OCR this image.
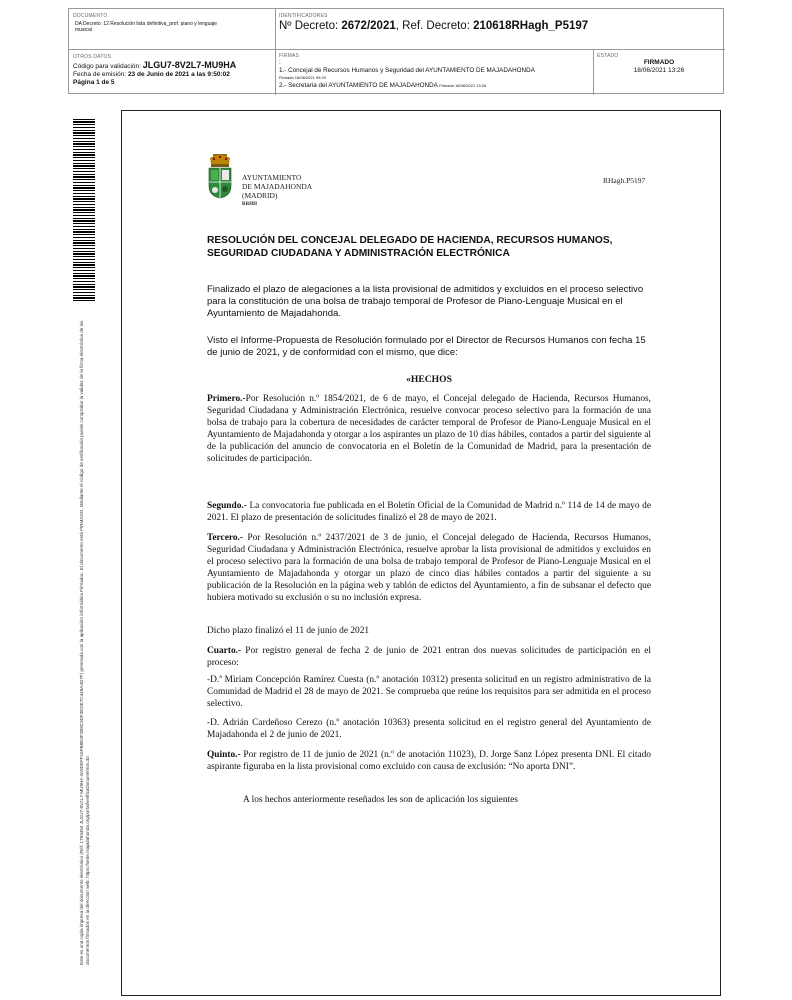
DOCUMENTO
DA Decreto: 12 Resolución lista definitiva_prof. piano y lenguaje musical
IDENTIFICADORES
Nº Decreto: 2672/2021, Ref. Decreto: 210618RHagh_P5197
OTROS DATOS
Código para validación: JLGU7-8V2L7-MU9HA
Fecha de emisión: 23 de Junio de 2021 a las 9:50:02
Página 1 de 5
FIRMAS
:
1.- Concejal de Recursos Humanos y Seguridad del AYUNTAMIENTO DE MAJADAHONDA
Firmado 18/06/2021 09:20
2.- Secretaria del AYUNTAMIENTO DE MAJADAHONDA Firmado 18/06/2021 13:26
ESTADO
FIRMADO
18/06/2021 13:26
Este es una copia impresa del documento electrónico (Ref: 1793454 JLGU7-8V2L7-MU9HA 4A8DEFF15FB8E3F2B9C3DF4EDE7C449A4D7F) generada con la aplicación informática Firmadoc. El documento está FIRMADO. Mediante el código de verificación puede comprobar la validez de la firma electrónica de los documentos firmados en la dirección web: https://sede.majadahonda.org/portal/verificaDocumentos.do
AYUNTAMIENTO
DE MAJADAHONDA
(MADRID)
RRHH
RHagh.P5197
RESOLUCIÓN DEL CONCEJAL DELEGADO DE HACIENDA, RECURSOS HUMANOS, SEGURIDAD CIUDADANA Y ADMINISTRACIÓN ELECTRÓNICA
Finalizado el plazo de alegaciones a la lista provisional de admitidos y excluidos en el proceso selectivo para la constitución de una bolsa de trabajo temporal de Profesor de Piano-Lenguaje Musical en el Ayuntamiento de Majadahonda.
Visto el Informe-Propuesta de Resolución formulado por el Director de Recursos Humanos con fecha 15 de junio de 2021, y de conformidad con el mismo, que dice:
«HECHOS
Primero.-Por Resolución n.º 1854/2021, de 6 de mayo, el Concejal delegado de Hacienda, Recursos Humanos, Seguridad Ciudadana y Administración Electrónica, resuelve convocar proceso selectivo para la formación de una bolsa de trabajo para la cobertura de necesidades de carácter temporal de Profesor de Piano-Lenguaje Musical en el Ayuntamiento de Majadahonda y otorgar a los aspirantes un plazo de 10 días hábiles, contados a partir del siguiente al de la publicación del anuncio de convocatoria en el Boletín de la Comunidad de Madrid, para la presentación de solicitudes de participación.
Segundo.- La convocatoria fue publicada en el Boletín Oficial de la Comunidad de Madrid n.º 114 de 14 de mayo de 2021. El plazo de presentación de solicitudes finalizó el 28 de mayo de 2021.
Tercero.- Por Resolución n.º 2437/2021 de 3 de junio, el Concejal delegado de Hacienda, Recursos Humanos, Seguridad Ciudadana y Administración Electrónica, resuelve aprobar la lista provisional de admitidos y excluidos en el proceso selectivo para la formación de una bolsa de trabajo temporal de Profesor de Piano-Lenguaje Musical en el Ayuntamiento de Majadahonda y otorgar un plazo de cinco días hábiles contados a partir del siguiente a su publicación de la Resolución en la página web y tablón de edictos del Ayuntamiento, a fin de subsanar el defecto que hubiera motivado su exclusión o su no inclusión expresa.
Dicho plazo finalizó el 11 de junio de 2021
Cuarto.- Por registro general de fecha 2 de junio de 2021 entran dos nuevas solicitudes de participación en el proceso:
-D.ª Miriam Concepción Ramírez Cuesta (n.º anotación 10312) presenta solicitud en un registro administrativo de la Comunidad de Madrid el 28 de mayo de 2021. Se comprueba que reúne los requisitos para ser admitida en el proceso selectivo.
-D. Adrián Cardeñoso Cerezo (n.º anotación 10363) presenta solicitud en el registro general del Ayuntamiento de Majadahonda el 2 de junio de 2021.
Quinto.- Por registro de 11 de junio de 2021 (n.º de anotación 11023), D. Jorge Sanz López presenta DNI. El citado aspirante figuraba en la lista provisional como excluido con causa de exclusión: “No aporta DNI”.
A los hechos anteriormente reseñados les son de aplicación los siguientes
